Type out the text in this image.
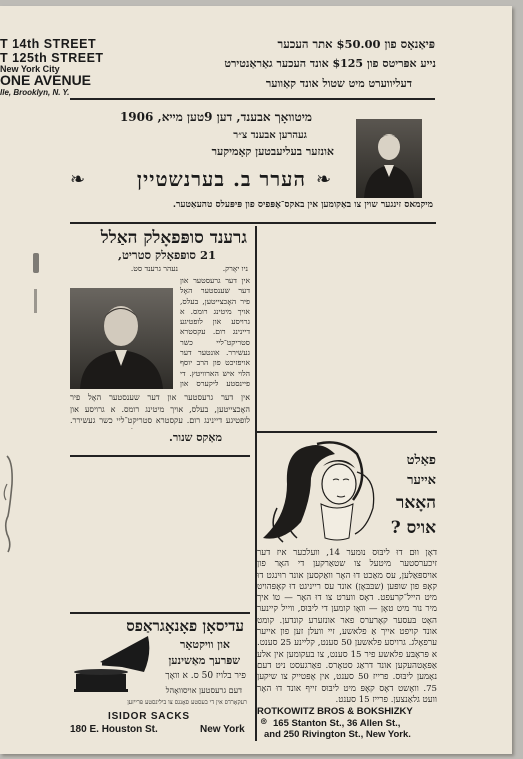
T 14th STREET
T 125th STREET
New York City
ONE AVENUE
lle, Brooklyn, N. Y.
פּיאַנאָס פון $50.00 אתר העכער
נייע אפּריטס פון $125 אונד העכער גאַראַנטירט
דעליווערט מיט שטול אונד קאַווער
מיטוואָך אבענד, דען 9טען מייא, 1906
געהרען אבענד צ״ר
אונזער בעליעבטען קאָמיקער
❧	הערר ב. בערנשטיין ❧
מיקמאס זינגער שוין צו באַקומען אין באקס־אָפּפיס פון פּיפּעלס טהעאַטער.
גרענד סופּפאָלק האַלל
21 סופּפאָלק סטריט,
נעהר גרענד סט.	ניו יאָרק.
אין דער גרעסטער און דער שענסטער האָל פיר האָכצייטען, בעלס, אויך מיטינג רומס. א גרויסע און לופטיגע דיינינג רום. עקסטרא סטריקט־ליי כשר געשירר. אונטער דער אויפזיכט פון הרב יוסף הלוי איש הארוויטץ. די פיינסטע ליקערס און
אין דער גרעסטער און דער שענסטער האָל פיר האָכצייטען, בעלס, אויך מיטינג רומס. א גרויסע און לופטיגע דיינינג רום. עקסטרא סטריקט־ליי כשר געשירר.
מאַקס שנור.
עדיסאָן פאָנאָגראַפס
און וויקטאָר
שפּרעך מאַשינען
פיר בלויז 50 ס. א וואָך
דעם גרעסטען אויסוואָהל
רעקאָרדס אין די בעסטע סאָנגס צו ביליגסטע פּרייזען
ISIDOR SACKS
180 E. Houston St.	New York
פאַלט
אייער
האָאר
אויס ?
דאָן ווּם דוּ ליבּוּס נוּמער 14, וועלכער איז דער זיכערסטער מיטעל צו שטאַרקען די האָר פון אויספּאַלען, עס מאַכט דוּ האָר וואַקסען אונד רוּינגט דוּ קאָפּ פון שופּען (שבּבּאָן) אונד עס רייניגט דוּ קאָפּהויט מיט הייל־קרעפט. דאָס ווערט צו דוּ האָר — טוֹ איך מיר נור מיט טאָן — וואָו קומען די ליבּוּס, ווייל קיינער האָט בּעסער קאָרערס פאר אונזערע קונדען. קומט אונד קויפט אייך אַ פלאשע, זיי וועלן זען פון אייער ערפאָלג. גרויסע פלאשען 50 סענט, קליינע 25 סענט. א פּראָבּע פלאשע פיר 15 סענט, צו בעקומען אין אלע אַפּאָטהעקען אונד דראַג סטאָרס. פאַרגעסט ניט דעם נאָמען ליבּוּס. פרייז 50 סענט, אין אָפּטייק צו שיקען 75. וואָשט דאָס קאָפּ מיט ליבּוּס זייף אונד דוּ האָר וועט גלאַנצען. פרייז 15 סענט.
ROTKOWITZ BROS & BOKSHIZKY
⊚ 165 Stanton St., 36 Allen St.,
and 250 Rivington St., New York.
